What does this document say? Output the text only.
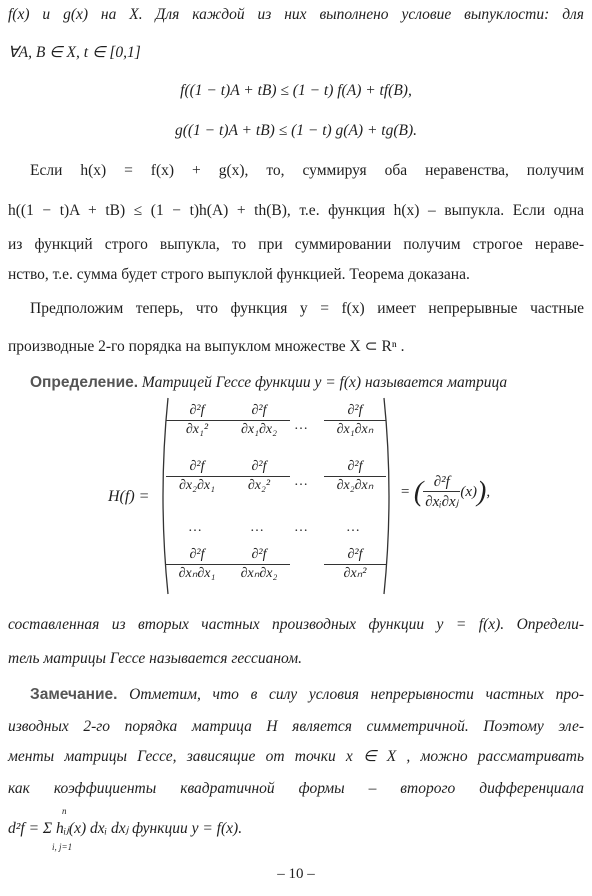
f(x) и g(x) на X. Для каждой из них выполнено условие выпуклости: для
∀A, B ∈ X, t ∈ [0,1]
f((1 − t)A + tB) ≤ (1 − t) f(A) + tf(B),
g((1 − t)A + tB) ≤ (1 − t) g(A) + tg(B).
Если h(x) = f(x) + g(x), то, суммируя оба неравенства, получим
h((1 − t)A + tB) ≤ (1 − t)h(A) + th(B), т.е. функция h(x) – выпукла. Если одна
из функций строго выпукла, то при суммировании получим строгое нераве-
нство, т.е. сумма будет строго выпуклой функцией. Теорема доказана.
Предположим теперь, что функция y = f(x) имеет непрерывные частные
производные 2-го порядка на выпуклом множестве X ⊂ Rⁿ .
Определение. Матрицей Гессе функции y = f(x) называется матрица
H(f) =
$\frac{\text{∂²f}}{\text{∂x₁²}} \frac{\text{∂²f}}{\text{∂x₁∂x₂}}$ … $\frac{\text{∂²f}}{\text{∂x₁∂xₙ}}$
$\frac{\text{∂²f}}{\text{∂x₂∂x₁}} \frac{\text{∂²f}}{\text{∂x₂²}}$ … $\frac{\text{∂²f}}{\text{∂x₂∂xₙ}}$
…	… …	…
$\frac{\text{∂²f}}{\text{∂xₙ∂x₁}} \frac{\text{∂²f}}{\text{∂xₙ∂x₂}} \frac{\text{∂²f}}{\text{∂xₙ²}}$
= ( $\frac{\text{∂²f}}{\text{∂xᵢ∂xⱼ}} (x)$),
составленная из вторых частных производных функции y = f(x). Определи-
тель матрицы Гессе называется гессианом.
Замечание. Отметим, что в силу условия непрерывности частных про-
изводных 2-го порядка матрица H является симметричной. Поэтому эле-
менты матрицы Гессе, зависящие от точки x ∈ X , можно рассматривать
как коэффициенты квадратичной формы – второго дифференциала
d²f = Σ hᵢⱼ(x) dxᵢ dxⱼ функции y = f(x).
n
i, j=1
– 10 –
